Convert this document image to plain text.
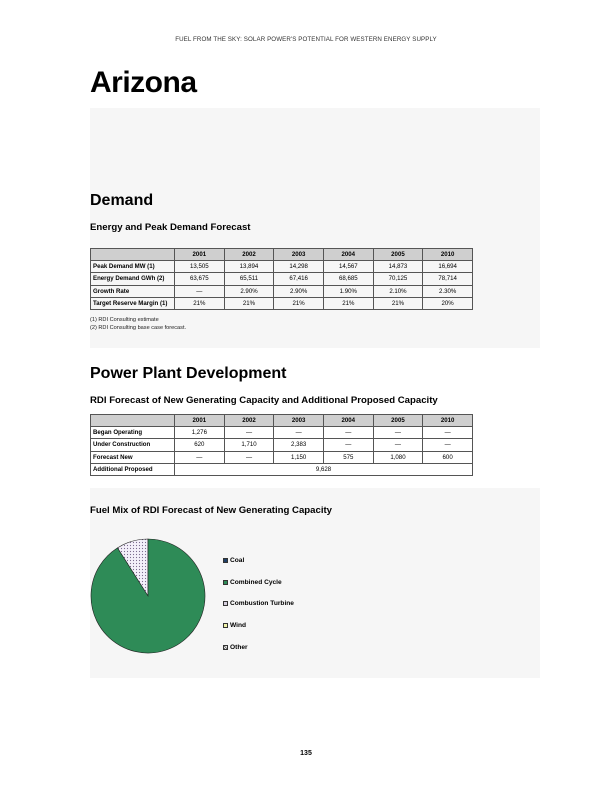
FUEL FROM THE SKY: SOLAR POWER'S POTENTIAL FOR WESTERN ENERGY SUPPLY
Arizona
Demand
Energy and Peak Demand Forecast
	2001	2002	2003	2004	2005	2010
Peak Demand MW (1)	13,505	13,894	14,298	14,567	14,873	16,694
Energy Demand GWh (2)	63,675	65,511	67,416	68,685	70,125	78,714
Growth Rate	—	2.90%	2.90%	1.90%	2.10%	2.30%
Target Reserve Margin (1)	21%	21%	21%	21%	21%	20%
(1) RDI Consulting estimate
(2) RDI Consulting base case forecast.
Power Plant Development
RDI Forecast of New Generating Capacity and Additional Proposed Capacity
	2001	2002	2003	2004	2005	2010
Began Operating	1,276	—	—	—	—	—
Under Construction	620	1,710	2,383	—	—	—
Forecast New	—	—	1,150	575	1,080	600
Additional Proposed	9,628					
Fuel Mix of RDI Forecast of New Generating Capacity
Coal
Combined Cycle
Combustion Turbine
Wind
Other
135
